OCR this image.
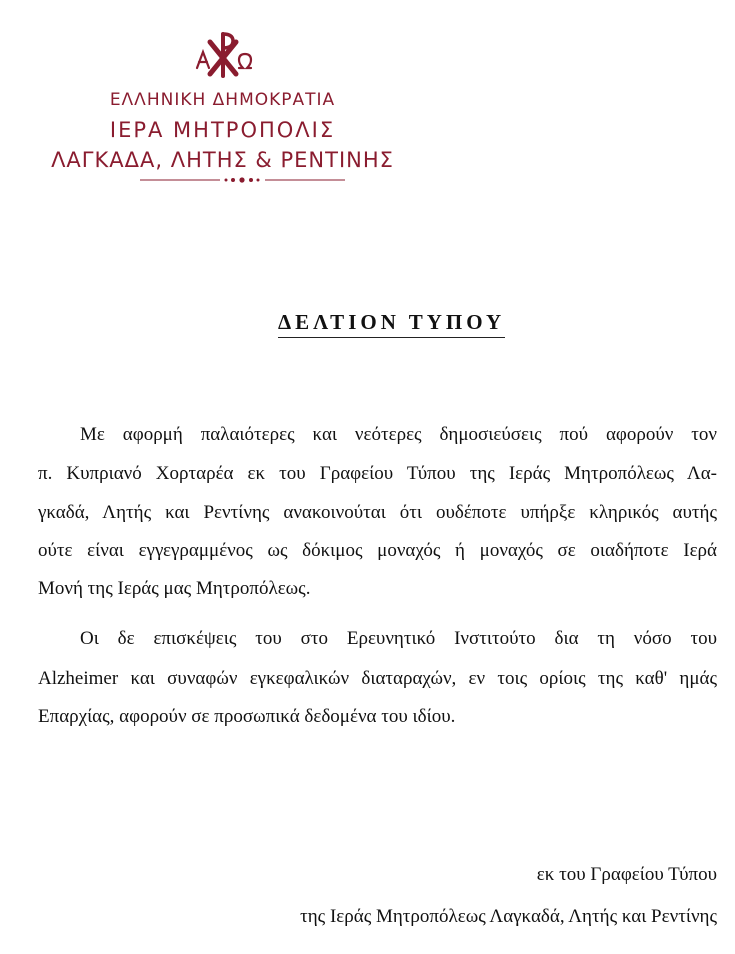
ΕΛΛΗΝΙΚΗ ΔΗΜΟΚΡΑΤΙΑ
ΙΕΡΑ ΜΗΤΡΟΠΟΛΙΣ
ΛΑΓΚΑΔΑ, ΛΗΤΗΣ & ΡΕΝΤΙΝΗΣ
ΔΕΛΤΙΟΝ ΤΥΠΟΥ
Με αφορμή παλαιότερες και νεότερες δημοσιεύσεις πού αφορούν τον
π. Κυπριανό Χορταρέα εκ του Γραφείου Τύπου της Ιεράς Μητροπόλεως Λα-
γκαδά, Λητής και Ρεντίνης ανακοινούται ότι ουδέποτε υπήρξε κληρικός αυτής
ούτε είναι εγγεγραμμένος ως δόκιμος μοναχός ή μοναχός σε οιαδήποτε Ιερά
Μονή της Ιεράς μας Μητροπόλεως.
Οι δε επισκέψεις του στο Ερευνητικό Ινστιτούτο δια τη νόσο του
Alzheimer και συναφών εγκεφαλικών διαταραχών, εν τοις ορίοις της καθ' ημάς
Επαρχίας, αφορούν σε προσωπικά δεδομένα του ιδίου.
εκ του Γραφείου Τύπου
της Ιεράς Μητροπόλεως Λαγκαδά, Λητής και Ρεντίνης
